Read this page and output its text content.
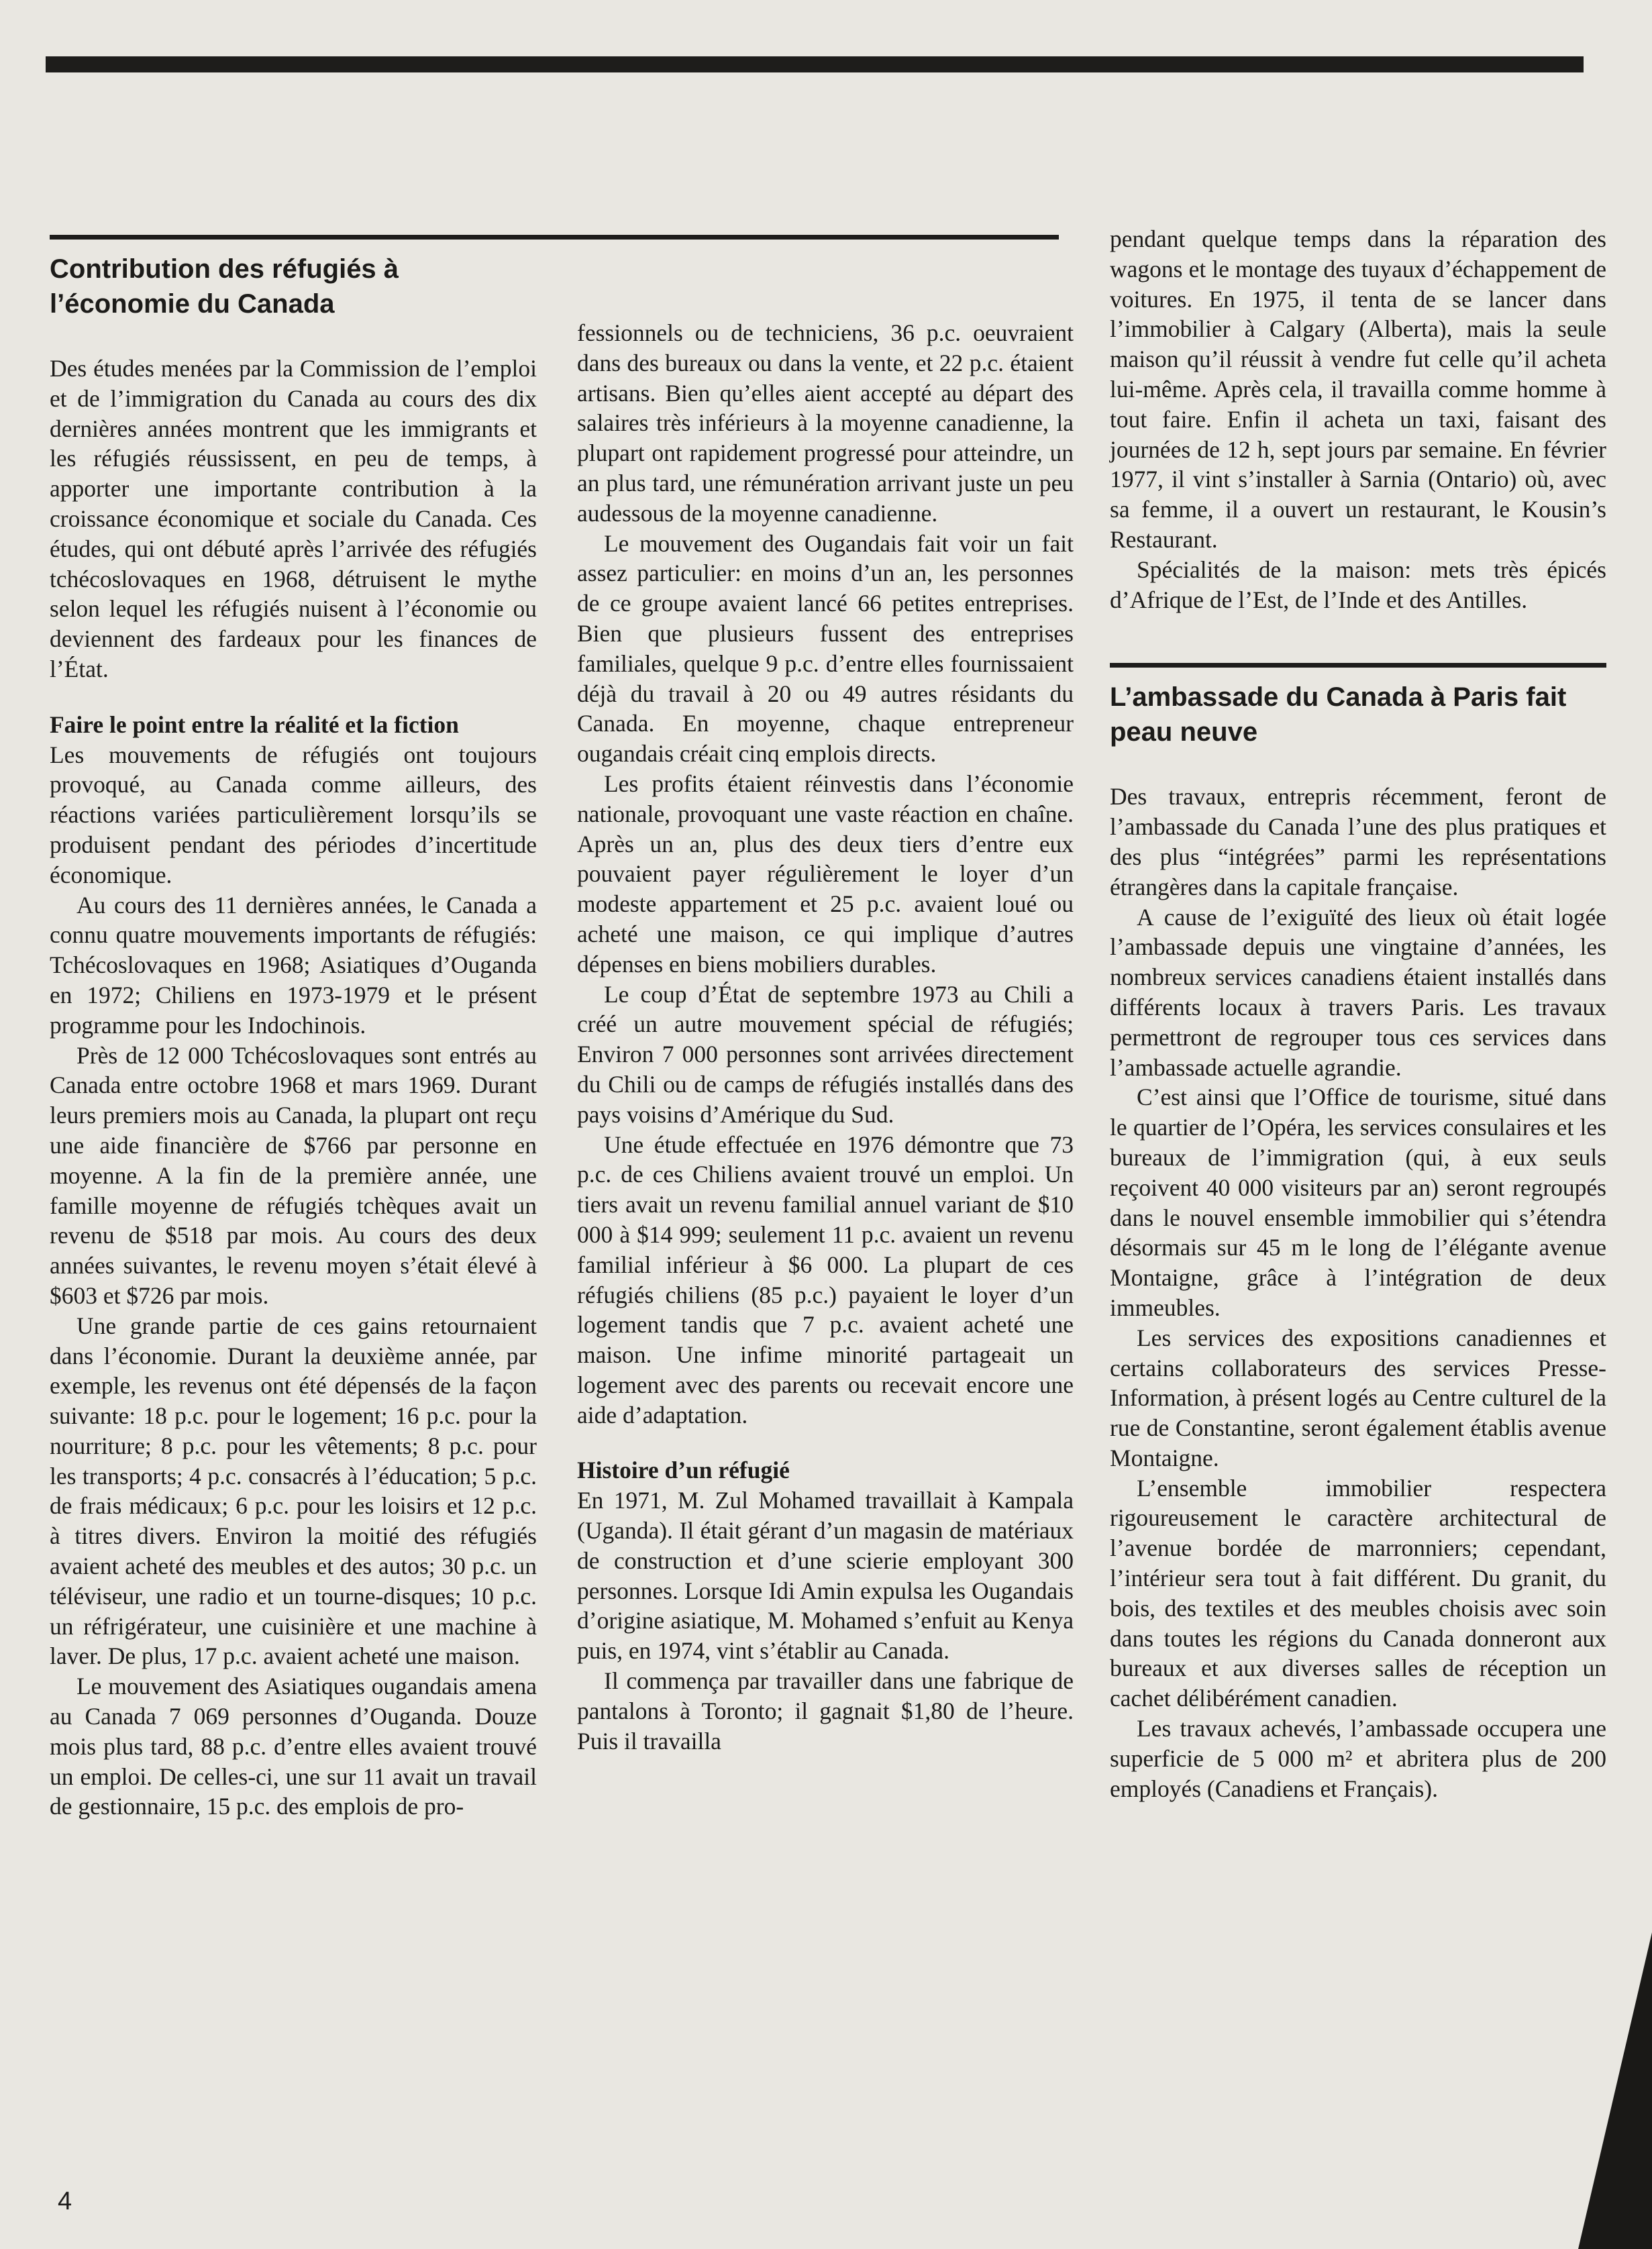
Contribution des réfugiés à l’économie du Canada

Des études menées par la Commission de l’emploi et de l’immigration du Canada au cours des dix dernières années montrent que les immigrants et les réfugiés réussissent, en peu de temps, à apporter une importante contribution à la croissance économique et sociale du Canada. Ces études, qui ont débuté après l’arrivée des réfugiés tchécoslovaques en 1968, détruisent le mythe selon lequel les réfugiés nuisent à l’économie ou deviennent des fardeaux pour les finances de l’État.

Faire le point entre la réalité et la fiction

Les mouvements de réfugiés ont toujours provoqué, au Canada comme ailleurs, des réactions variées particulièrement lorsqu’ils se produisent pendant des périodes d’incertitude économique.

Au cours des 11 dernières années, le Canada a connu quatre mouvements importants de réfugiés: Tchécoslovaques en 1968; Asiatiques d’Ouganda en 1972; Chiliens en 1973-1979 et le présent programme pour les Indochinois.

Près de 12 000 Tchécoslovaques sont entrés au Canada entre octobre 1968 et mars 1969. Durant leurs premiers mois au Canada, la plupart ont reçu une aide financière de $766 par personne en moyenne. A la fin de la première année, une famille moyenne de réfugiés tchèques avait un revenu de $518 par mois. Au cours des deux années suivantes, le revenu moyen s’était élevé à $603 et $726 par mois.

Une grande partie de ces gains retournaient dans l’économie. Durant la deuxième année, par exemple, les revenus ont été dépensés de la façon suivante: 18 p.c. pour le logement; 16 p.c. pour la nourriture; 8 p.c. pour les vêtements; 8 p.c. pour les transports; 4 p.c. consacrés à l’éducation; 5 p.c. de frais médicaux; 6 p.c. pour les loisirs et 12 p.c. à titres divers. Environ la moitié des réfugiés avaient acheté des meubles et des autos; 30 p.c. un téléviseur, une radio et un tourne-disques; 10 p.c. un réfrigérateur, une cuisinière et une machine à laver. De plus, 17 p.c. avaient acheté une maison.

Le mouvement des Asiatiques ougandais amena au Canada 7 069 personnes d’Ouganda. Douze mois plus tard, 88 p.c. d’entre elles avaient trouvé un emploi. De celles-ci, une sur 11 avait un travail de gestionnaire, 15 p.c. des emplois de pro-

fessionnels ou de techniciens, 36 p.c. oeuvraient dans des bureaux ou dans la vente, et 22 p.c. étaient artisans. Bien qu’elles aient accepté au départ des salaires très inférieurs à la moyenne canadienne, la plupart ont rapidement progressé pour atteindre, un an plus tard, une rémunération arrivant juste un peu audessous de la moyenne canadienne.

Le mouvement des Ougandais fait voir un fait assez particulier: en moins d’un an, les personnes de ce groupe avaient lancé 66 petites entreprises. Bien que plusieurs fussent des entreprises familiales, quelque 9 p.c. d’entre elles fournissaient déjà du travail à 20 ou 49 autres résidants du Canada. En moyenne, chaque entrepreneur ougandais créait cinq emplois directs.

Les profits étaient réinvestis dans l’économie nationale, provoquant une vaste réaction en chaîne. Après un an, plus des deux tiers d’entre eux pouvaient payer régulièrement le loyer d’un modeste appartement et 25 p.c. avaient loué ou acheté une maison, ce qui implique d’autres dépenses en biens mobiliers durables.

Le coup d’État de septembre 1973 au Chili a créé un autre mouvement spécial de réfugiés; Environ 7 000 personnes sont arrivées directement du Chili ou de camps de réfugiés installés dans des pays voisins d’Amérique du Sud.

Une étude effectuée en 1976 démontre que 73 p.c. de ces Chiliens avaient trouvé un emploi. Un tiers avait un revenu familial annuel variant de $10 000 à $14 999; seulement 11 p.c. avaient un revenu familial inférieur à $6 000. La plupart de ces réfugiés chiliens (85 p.c.) payaient le loyer d’un logement tandis que 7 p.c. avaient acheté une maison. Une infime minorité partageait un logement avec des parents ou recevait encore une aide d’adaptation.

Histoire d’un réfugié

En 1971, M. Zul Mohamed travaillait à Kampala (Uganda). Il était gérant d’un magasin de matériaux de construction et d’une scierie employant 300 personnes. Lorsque Idi Amin expulsa les Ougandais d’origine asiatique, M. Mohamed s’enfuit au Kenya puis, en 1974, vint s’établir au Canada.

Il commença par travailler dans une fabrique de pantalons à Toronto; il gagnait $1,80 de l’heure. Puis il travailla

pendant quelque temps dans la réparation des wagons et le montage des tuyaux d’échappement de voitures. En 1975, il tenta de se lancer dans l’immobilier à Calgary (Alberta), mais la seule maison qu’il réussit à vendre fut celle qu’il acheta lui-même. Après cela, il travailla comme homme à tout faire. Enfin il acheta un taxi, faisant des journées de 12 h, sept jours par semaine. En février 1977, il vint s’installer à Sarnia (Ontario) où, avec sa femme, il a ouvert un restaurant, le Kousin’s Restaurant.

Spécialités de la maison: mets très épicés d’Afrique de l’Est, de l’Inde et des Antilles.

L’ambassade du Canada à Paris fait peau neuve

Des travaux, entrepris récemment, feront de l’ambassade du Canada l’une des plus pratiques et des plus “intégrées” parmi les représentations étrangères dans la capitale française.

A cause de l’exiguïté des lieux où était logée l’ambassade depuis une vingtaine d’années, les nombreux services canadiens étaient installés dans différents locaux à travers Paris. Les travaux permettront de regrouper tous ces services dans l’ambassade actuelle agrandie.

C’est ainsi que l’Office de tourisme, situé dans le quartier de l’Opéra, les services consulaires et les bureaux de l’immigration (qui, à eux seuls reçoivent 40 000 visiteurs par an) seront regroupés dans le nouvel ensemble immobilier qui s’étendra désormais sur 45 m le long de l’élégante avenue Montaigne, grâce à l’intégration de deux immeubles.

Les services des expositions canadiennes et certains collaborateurs des services Presse-Information, à présent logés au Centre culturel de la rue de Constantine, seront également établis avenue Montaigne.

L’ensemble immobilier respectera rigoureusement le caractère architectural de l’avenue bordée de marronniers; cependant, l’intérieur sera tout à fait différent. Du granit, du bois, des textiles et des meubles choisis avec soin dans toutes les régions du Canada donneront aux bureaux et aux diverses salles de réception un cachet délibérément canadien.

Les travaux achevés, l’ambassade occupera une superficie de 5 000 m² et abritera plus de 200 employés (Canadiens et Français).

4
